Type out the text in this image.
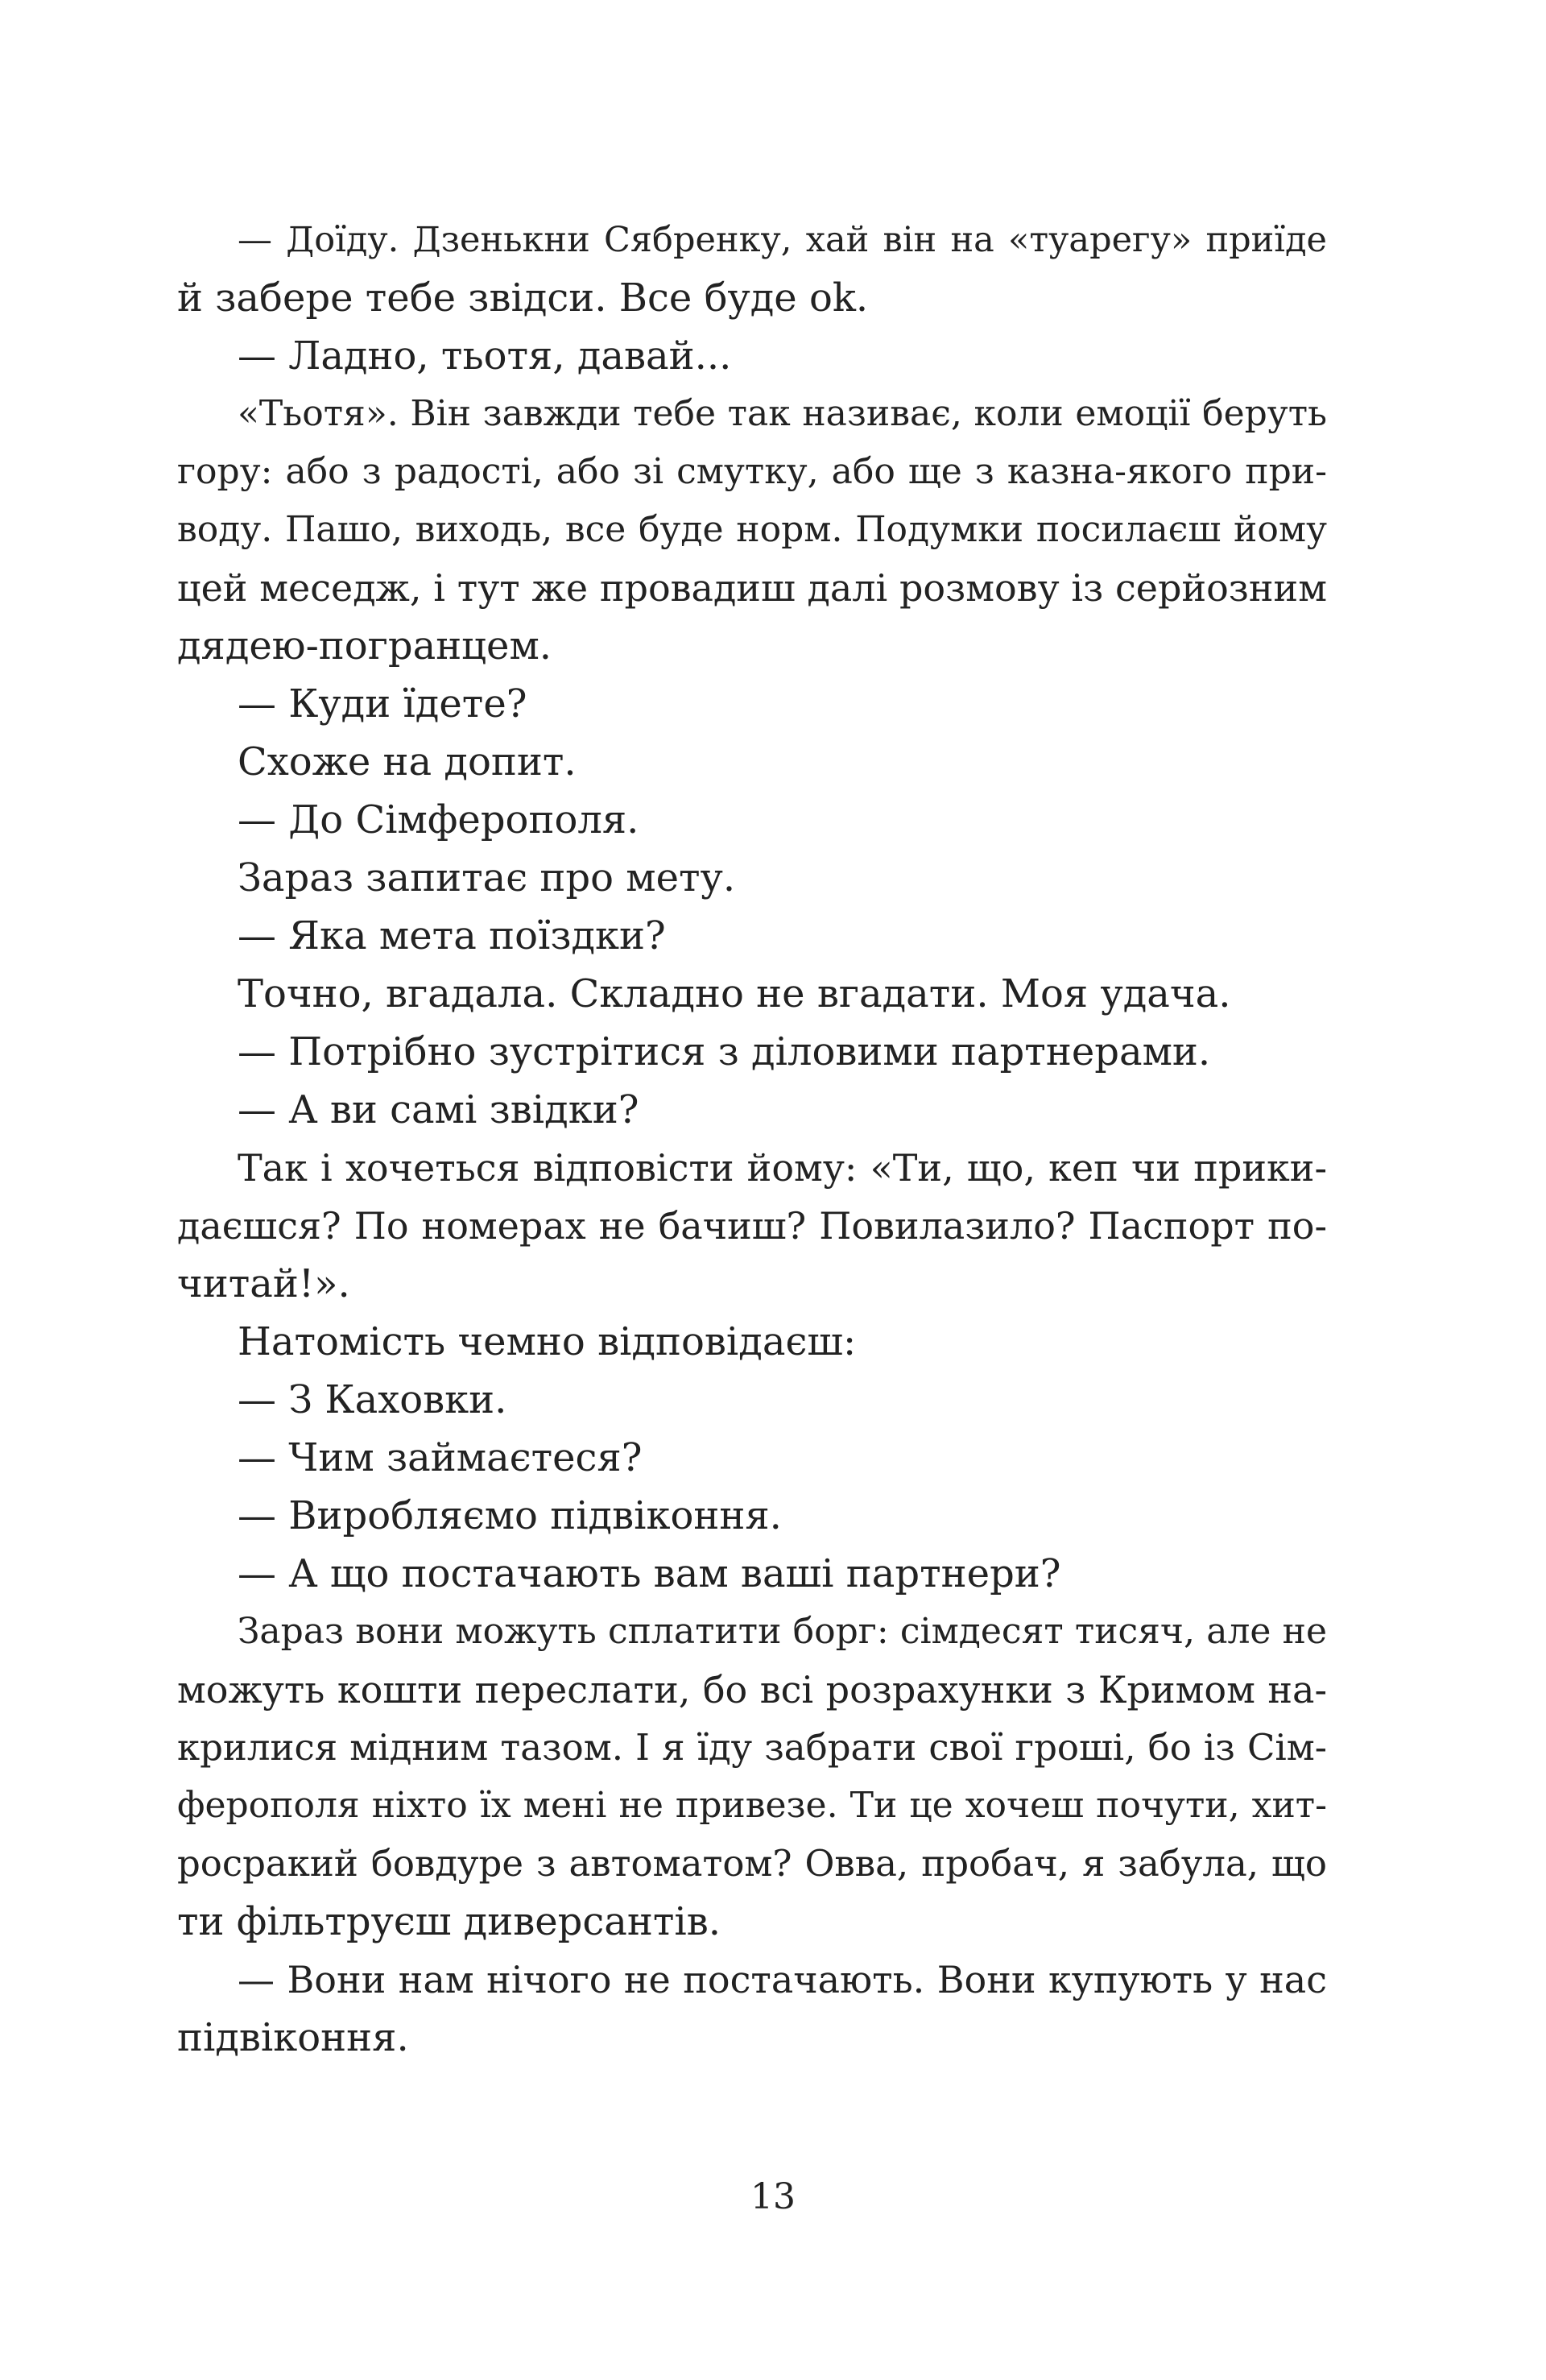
— Доїду. Дзенькни Сябренку, хай він на «туарегу» приїде
й забере тебе звідси. Все буде ok.
— Ладно, тьотя, давай...
«Тьотя». Він завжди тебе так називає, коли емоції беруть
гору: або з радості, або зі смутку, або ще з казна-якого при-
воду. Пашо, виходь, все буде норм. Подумки посилаєш йому
цей меседж, і тут же провадиш далі розмову із серйозним
дядею-погранцем.
— Куди їдете?
Схоже на допит.
— До Сімферополя.
Зараз запитає про мету.
— Яка мета поїздки?
Точно, вгадала. Складно не вгадати. Моя удача.
— Потрібно зустрітися з діловими партнерами.
— А ви самі звідки?
Так і хочеться відповісти йому: «Ти, що, кеп чи прики-
даєшся? По номерах не бачиш? Повилазило? Паспорт по-
читай!».
Натомість чемно відповідаєш:
— З Каховки.
— Чим займаєтеся?
— Виробляємо підвіконня.
— А що постачають вам ваші партнери?
Зараз вони можуть сплатити борг: сімдесят тисяч, але не
можуть кошти переслати, бо всі розрахунки з Кримом на-
крилися мідним тазом. І я їду забрати свої гроші, бо із Сім-
ферополя ніхто їх мені не привезе. Ти це хочеш почути, хит-
росракий бовдуре з автоматом? Овва, пробач, я забула, що
ти фільтруєш диверсантів.
— Вони нам нічого не постачають. Вони купують у нас
підвіконня.
13
